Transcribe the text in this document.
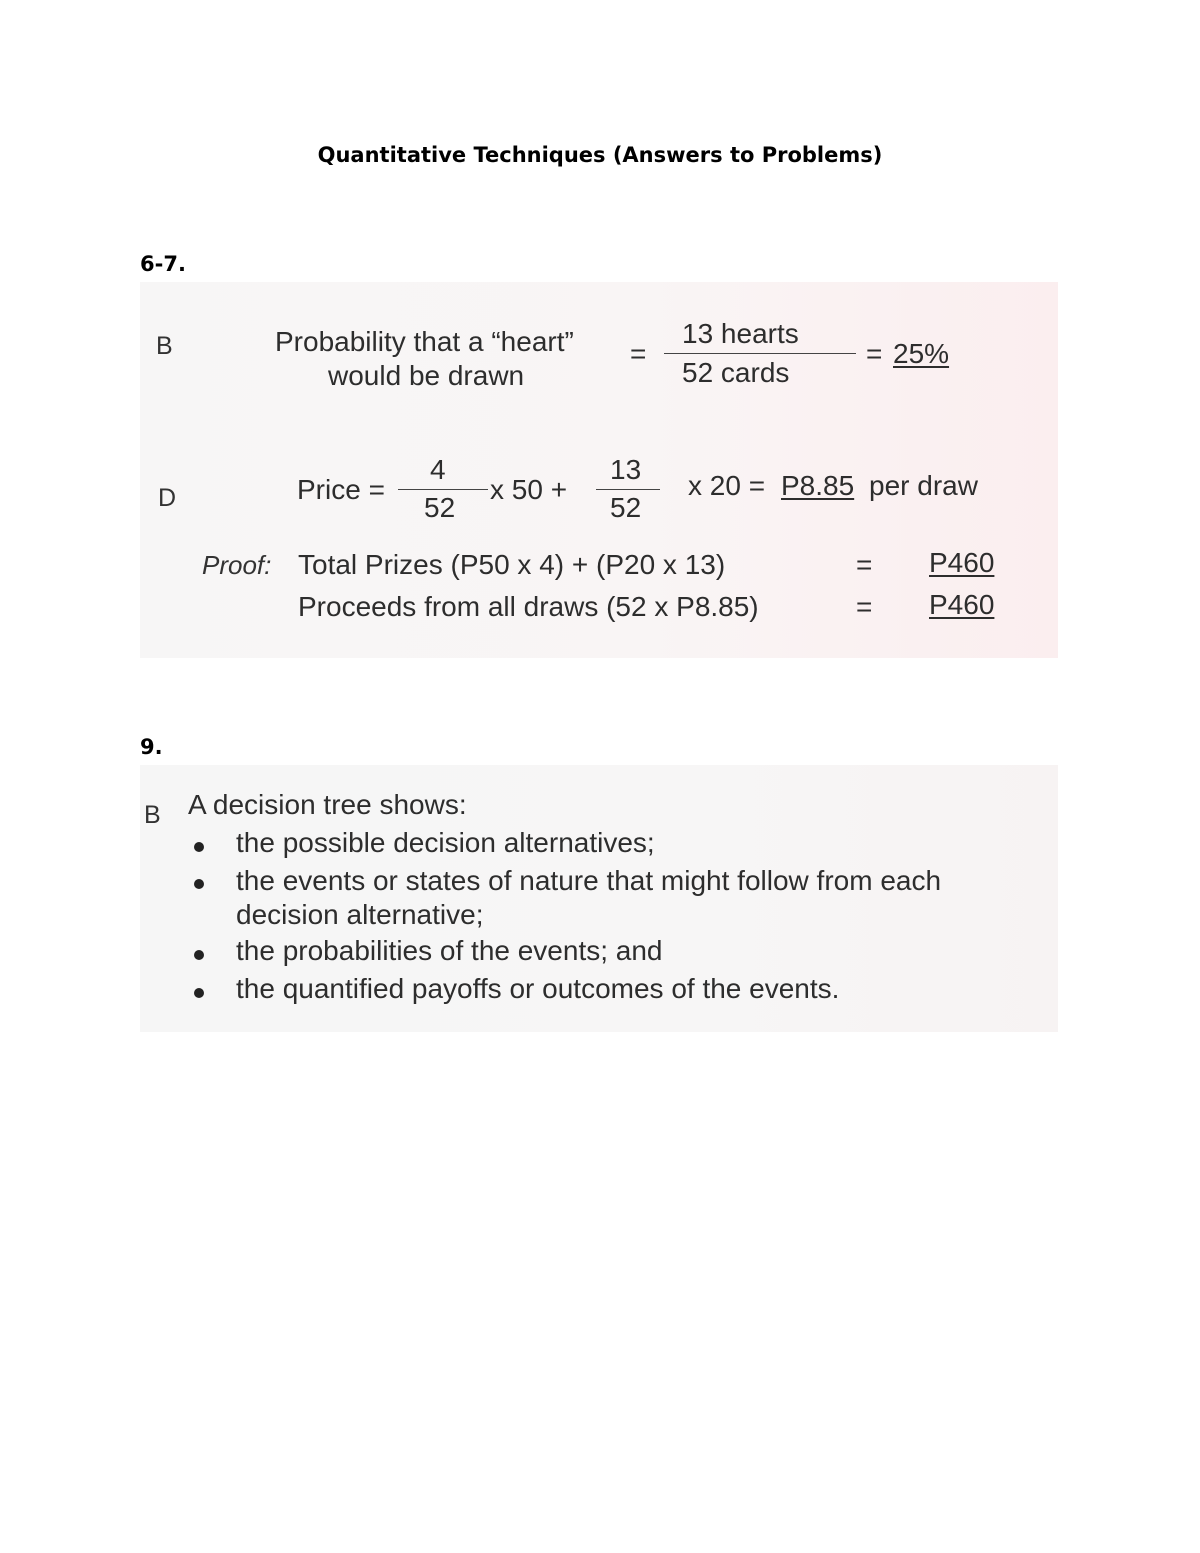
Quantitative Techniques (Answers to Problems)
6-7.
B	Probability that a “heart”
would be drawn
=
13 hearts
52 cards
= 25%
D	Price =
4
52
x 50 +
13
52
x 20 = P8.85 per draw
Proof: Total Prizes (P50 x 4) + (P20 x 13)	= P460
Proceeds from all draws (52 x P8.85)	= P460
9.
B A decision tree shows:
the possible decision alternatives;
the events or states of nature that might follow from each
decision alternative;
the probabilities of the events; and
the quantified payoffs or outcomes of the events.
